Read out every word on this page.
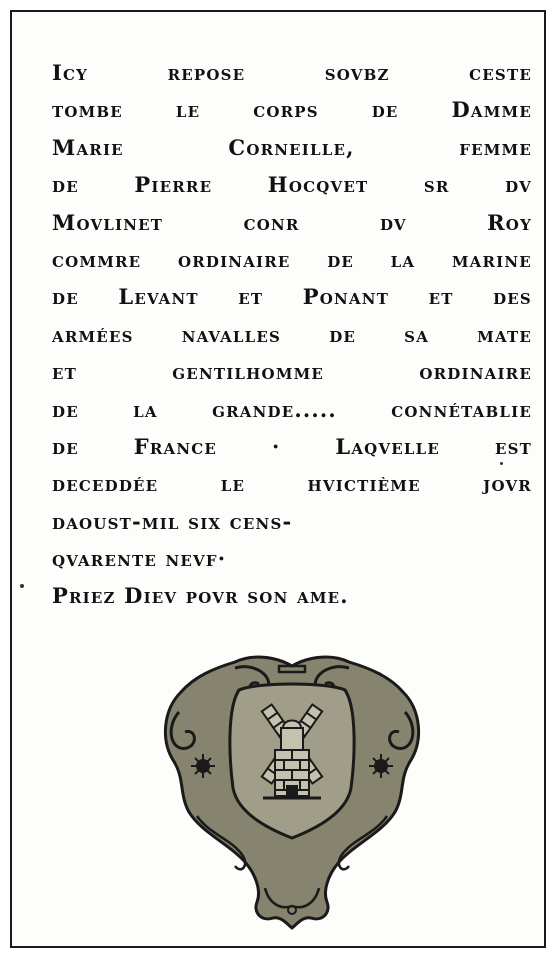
Icy	repose	sovbz	ceste
tombe	le	corps	de	Damme
Marie	Corneille,	femme
de	Pierre	Hocqvet	sr	dv
Movlinet	conr	dv	Roy
commre ordinaire de la marine
de Levant et Ponant et des
armées navalles de sa mate
et	gentilhomme	ordinaire
de	la	grande.....	connétablie
de	France	·	Laqvelle	est
deceddée	le	hvictième	jovr
daoust-mil six cens-
qvarente nevf·
Priez Diev povr son ame.
